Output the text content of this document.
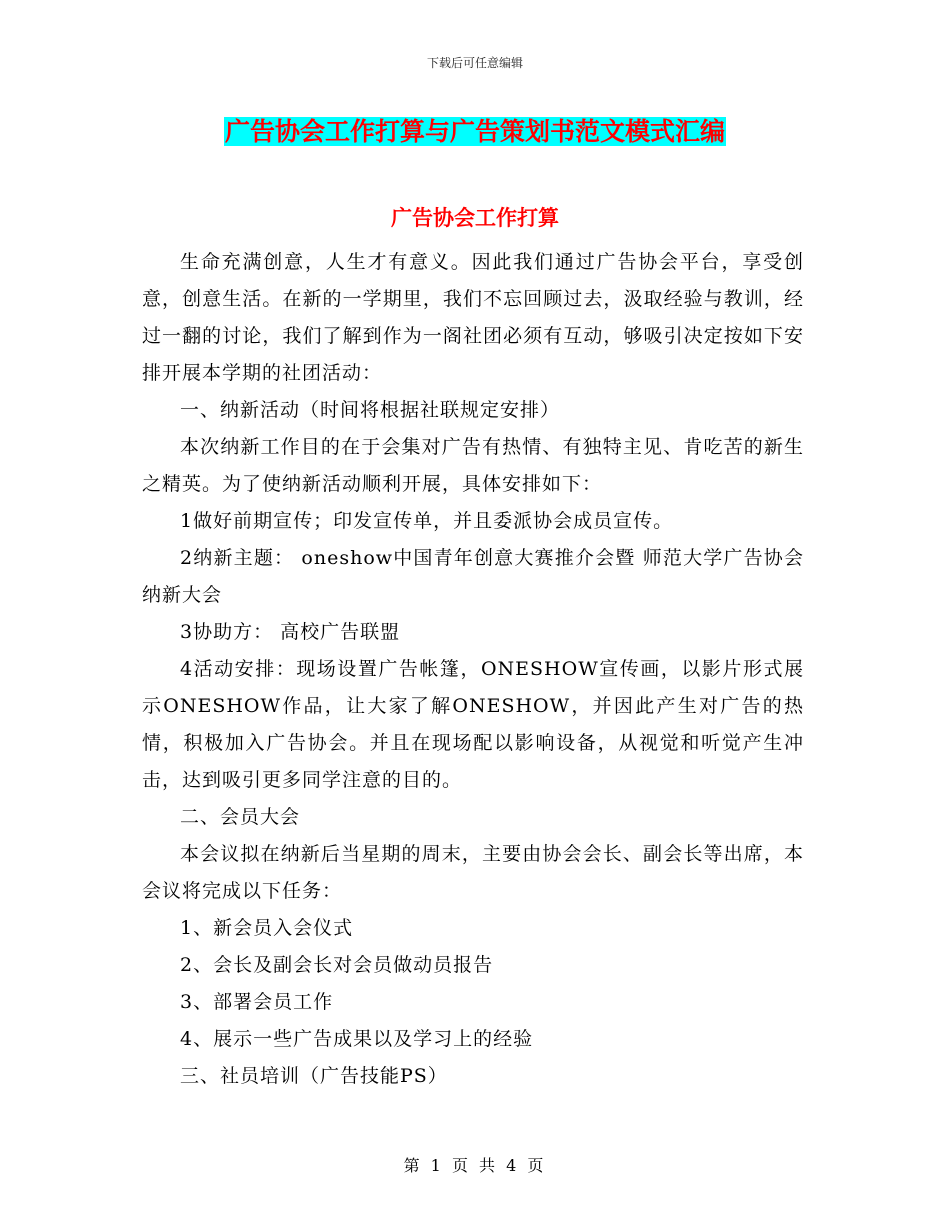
下载后可任意编辑
广告协会工作打算与广告策划书范文模式汇编
广告协会工作打算

生命充满创意，人生才有意义。因此我们通过广告协会平台，享受创意，创意生活。在新的一学期里，我们不忘回顾过去，汲取经验与教训，经过一翻的讨论，我们了解到作为一阁社团必须有互动，够吸引决定按如下安排开展本学期的社团活动：

一、纳新活动（时间将根据社联规定安排）

本次纳新工作目的在于会集对广告有热情、有独特主见、肯吃苦的新生之精英。为了使纳新活动顺利开展，具体安排如下：

1做好前期宣传；印发宣传单，并且委派协会成员宣传。

2纳新主题： oneshow中国青年创意大赛推介会暨 师范大学广告协会纳新大会

3协助方： 高校广告联盟

4活动安排：现场设置广告帐篷，ONESHOW宣传画，以影片形式展示ONESHOW作品，让大家了解ONESHOW，并因此产生对广告的热情，积极加入广告协会。并且在现场配以影响设备，从视觉和听觉产生冲击，达到吸引更多同学注意的目的。

二、会员大会

本会议拟在纳新后当星期的周末，主要由协会会长、副会长等出席，本会议将完成以下任务：

1、新会员入会仪式

2、会长及副会长对会员做动员报告

3、部署会员工作

4、展示一些广告成果以及学习上的经验

三、社员培训（广告技能PS）

第 1 页 共 4 页
